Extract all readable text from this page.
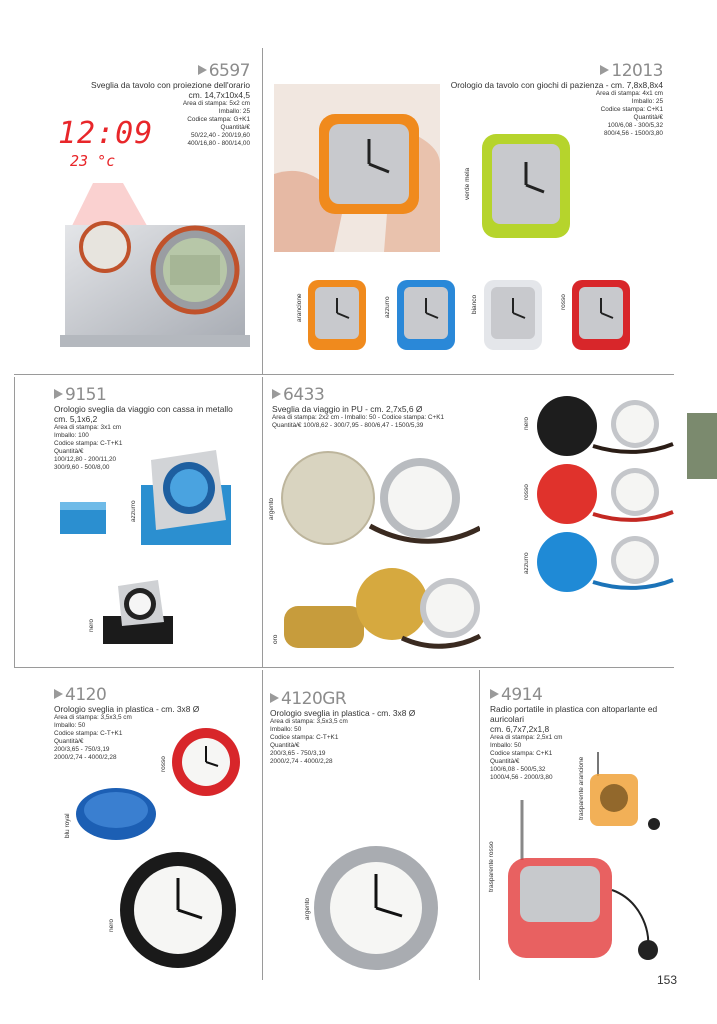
6597
Sveglia da tavolo con proiezione dell'orario
cm. 14,7x10x4,5
Area di stampa: 5x2 cm
Imballo: 25
Codice stampa: G+K1
Quantità/€
50/22,40 - 200/19,60
400/16,80 - 800/14,00
12:09
23 °c
12013
Orologio da tavolo con giochi di pazienza - cm. 7,8x8,8x4
Area di stampa: 4x1 cm
Imballo: 25
Codice stampa: C+K1
Quantità/€
100/6,08 - 300/5,32
800/4,56 - 1500/3,80
verde mela
arancione	azzurro	bianco	rosso
9151
Orologio sveglia da viaggio con cassa in metallo
cm. 5,1x6,2
Area di stampa: 3x1 cm
Imballo: 100
Codice stampa: C-T+K1
Quantità/€
100/12,80 - 200/11,20
300/9,60 - 500/8,00
azzurro
nero
6433
Sveglia da viaggio in PU - cm. 2,7x5,6 Ø
Area di stampa: 2x2 cm - Imballo: 50 - Codice stampa: C+K1
Quantità/€ 100/8,62 - 300/7,95 - 800/6,47 - 1500/5,39
argento
oro
nero
rosso
azzurro
4120
Orologio sveglia in plastica - cm. 3x8 Ø
Area di stampa: 3,5x3,5 cm
Imballo: 50
Codice stampa: C-T+K1
Quantità/€
200/3,65 - 750/3,19
2000/2,74 - 4000/2,28	rosso
blu royal
nero
4120GR
Orologio sveglia in plastica - cm. 3x8 Ø
Area di stampa: 3,5x3,5 cm
Imballo: 50
Codice stampa: C-T+K1
Quantità/€
200/3,65 - 750/3,19
2000/2,74 - 4000/2,28
argento
4914
Radio portatile in plastica con altoparlante ed auricolari
cm. 6,7x7,2x1,8
Area di stampa: 2,5x1 cm
Imballo: 50
Codice stampa: C+K1
Quantità/€
100/6,08 - 500/5,32
1000/4,56 - 2000/3,80	trasparente arancione
trasparente rosso
153
